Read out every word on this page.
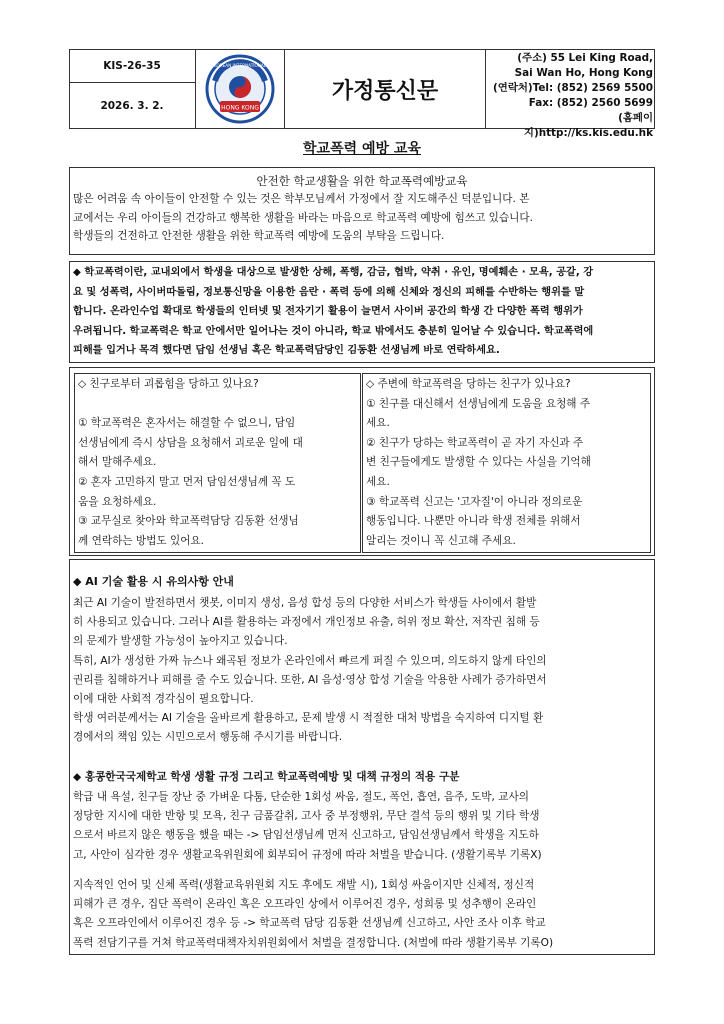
KIS-26-35
2026. 3. 2.	HONG KONG
KOREAN INTERNATIONAL
가정통신문
(주소) 55 Lei King Road,
Sai Wan Ho, Hong Kong
(연락처)Tel: (852) 2569 5500
Fax: (852) 2560 5699
(홈페이지)http://ks.kis.edu.hk
학교폭력 예방 교육
안전한 학교생활을 위한 학교폭력예방교육
많은 어려움 속 아이들이 안전할 수 있는 것은 학부모님께서 가정에서 잘 지도해주신 덕분입니다. 본
교에서는 우리 아이들의 건강하고 행복한 생활을 바라는 마음으로 학교폭력 예방에 힘쓰고 있습니다.
학생들의 건전하고 안전한 생활을 위한 학교폭력 예방에 도움의 부탁을 드립니다.
◆ 학교폭력이란, 교내외에서 학생을 대상으로 발생한 상해, 폭행, 감금, 협박, 약취 · 유인, 명예훼손 · 모욕, 공갈, 강
요 및 성폭력, 사이버따돌림, 정보통신망을 이용한 음란 · 폭력 등에 의해 신체와 정신의 피해를 수반하는 행위를 말
합니다. 온라인수업 확대로 학생들의 인터넷 및 전자기기 활용이 늘면서 사이버 공간의 학생 간 다양한 폭력 행위가
우려됩니다. 학교폭력은 학교 안에서만 일어나는 것이 아니라, 학교 밖에서도 충분히 일어날 수 있습니다. 학교폭력에
피해를 입거나 목격 했다면 담임 선생님 혹은 학교폭력담당인 김동환 선생님께 바로 연락하세요.
◇ 친구로부터 괴롭힘을 당하고 있나요?
① 학교폭력은 혼자서는 해결할 수 없으니, 담임
선생님에게 즉시 상담을 요청해서 괴로운 일에 대
해서 말해주세요.
② 혼자 고민하지 말고 먼저 담임선생님께 꼭 도
움을 요청하세요.
③ 교무실로 찾아와 학교폭력담당 김동환 선생님
께 연락하는 방법도 있어요.
◇ 주변에 학교폭력을 당하는 친구가 있나요?
① 친구를 대신해서 선생님에게 도움을 요청해 주
세요.
② 친구가 당하는 학교폭력이 곧 자기 자신과 주
변 친구들에게도 발생할 수 있다는 사실을 기억해
세요.
③ 학교폭력 신고는 '고자질'이 아니라 정의로운
행동입니다. 나뿐만 아니라 학생 전체를 위해서
알리는 것이니 꼭 신고해 주세요.
◆ AI 기술 활용 시 유의사항 안내
최근 AI 기술이 발전하면서 챗봇, 이미지 생성, 음성 합성 등의 다양한 서비스가 학생들 사이에서 활발
히 사용되고 있습니다. 그러나 AI를 활용하는 과정에서 개인정보 유출, 허위 정보 확산, 저작권 침해 등
의 문제가 발생할 가능성이 높아지고 있습니다.
특히, AI가 생성한 가짜 뉴스나 왜곡된 정보가 온라인에서 빠르게 퍼질 수 있으며, 의도하지 않게 타인의
권리를 침해하거나 피해를 줄 수도 있습니다. 또한, AI 음성·영상 합성 기술을 악용한 사례가 증가하면서
이에 대한 사회적 경각심이 필요합니다.
학생 여러분께서는 AI 기술을 올바르게 활용하고, 문제 발생 시 적절한 대처 방법을 숙지하여 디지털 환
경에서의 책임 있는 시민으로서 행동해 주시기를 바랍니다.
◆ 홍콩한국국제학교 학생 생활 규정 그리고 학교폭력예방 및 대책 규정의 적용 구분
학급 내 욕설, 친구들 장난 중 가벼운 다툼, 단순한 1회성 싸움, 절도, 폭언, 흡연, 음주, 도박, 교사의
정당한 지시에 대한 반항 및 모욕, 친구 금품갈취, 고사 중 부정행위, 무단 결석 등의 행위 및 기타 학생
으로서 바르지 않은 행동을 했을 때는 -> 담임선생님께 먼저 신고하고, 담임선생님께서 학생을 지도하
고, 사안이 심각한 경우 생활교육위원회에 회부되어 규정에 따라 처벌을 받습니다. (생활기록부 기록X)
지속적인 언어 및 신체 폭력(생활교육위원회 지도 후에도 재발 시), 1회성 싸움이지만 신체적, 정신적
피해가 큰 경우, 집단 폭력이 온라인 혹은 오프라인 상에서 이루어진 경우, 성희롱 및 성추행이 온라인
혹은 오프라인에서 이루어진 경우 등 -> 학교폭력 담당 김동환 선생님께 신고하고, 사안 조사 이후 학교
폭력 전담기구를 거쳐 학교폭력대책자치위원회에서 처벌을 결정합니다. (처벌에 따라 생활기록부 기록O)
